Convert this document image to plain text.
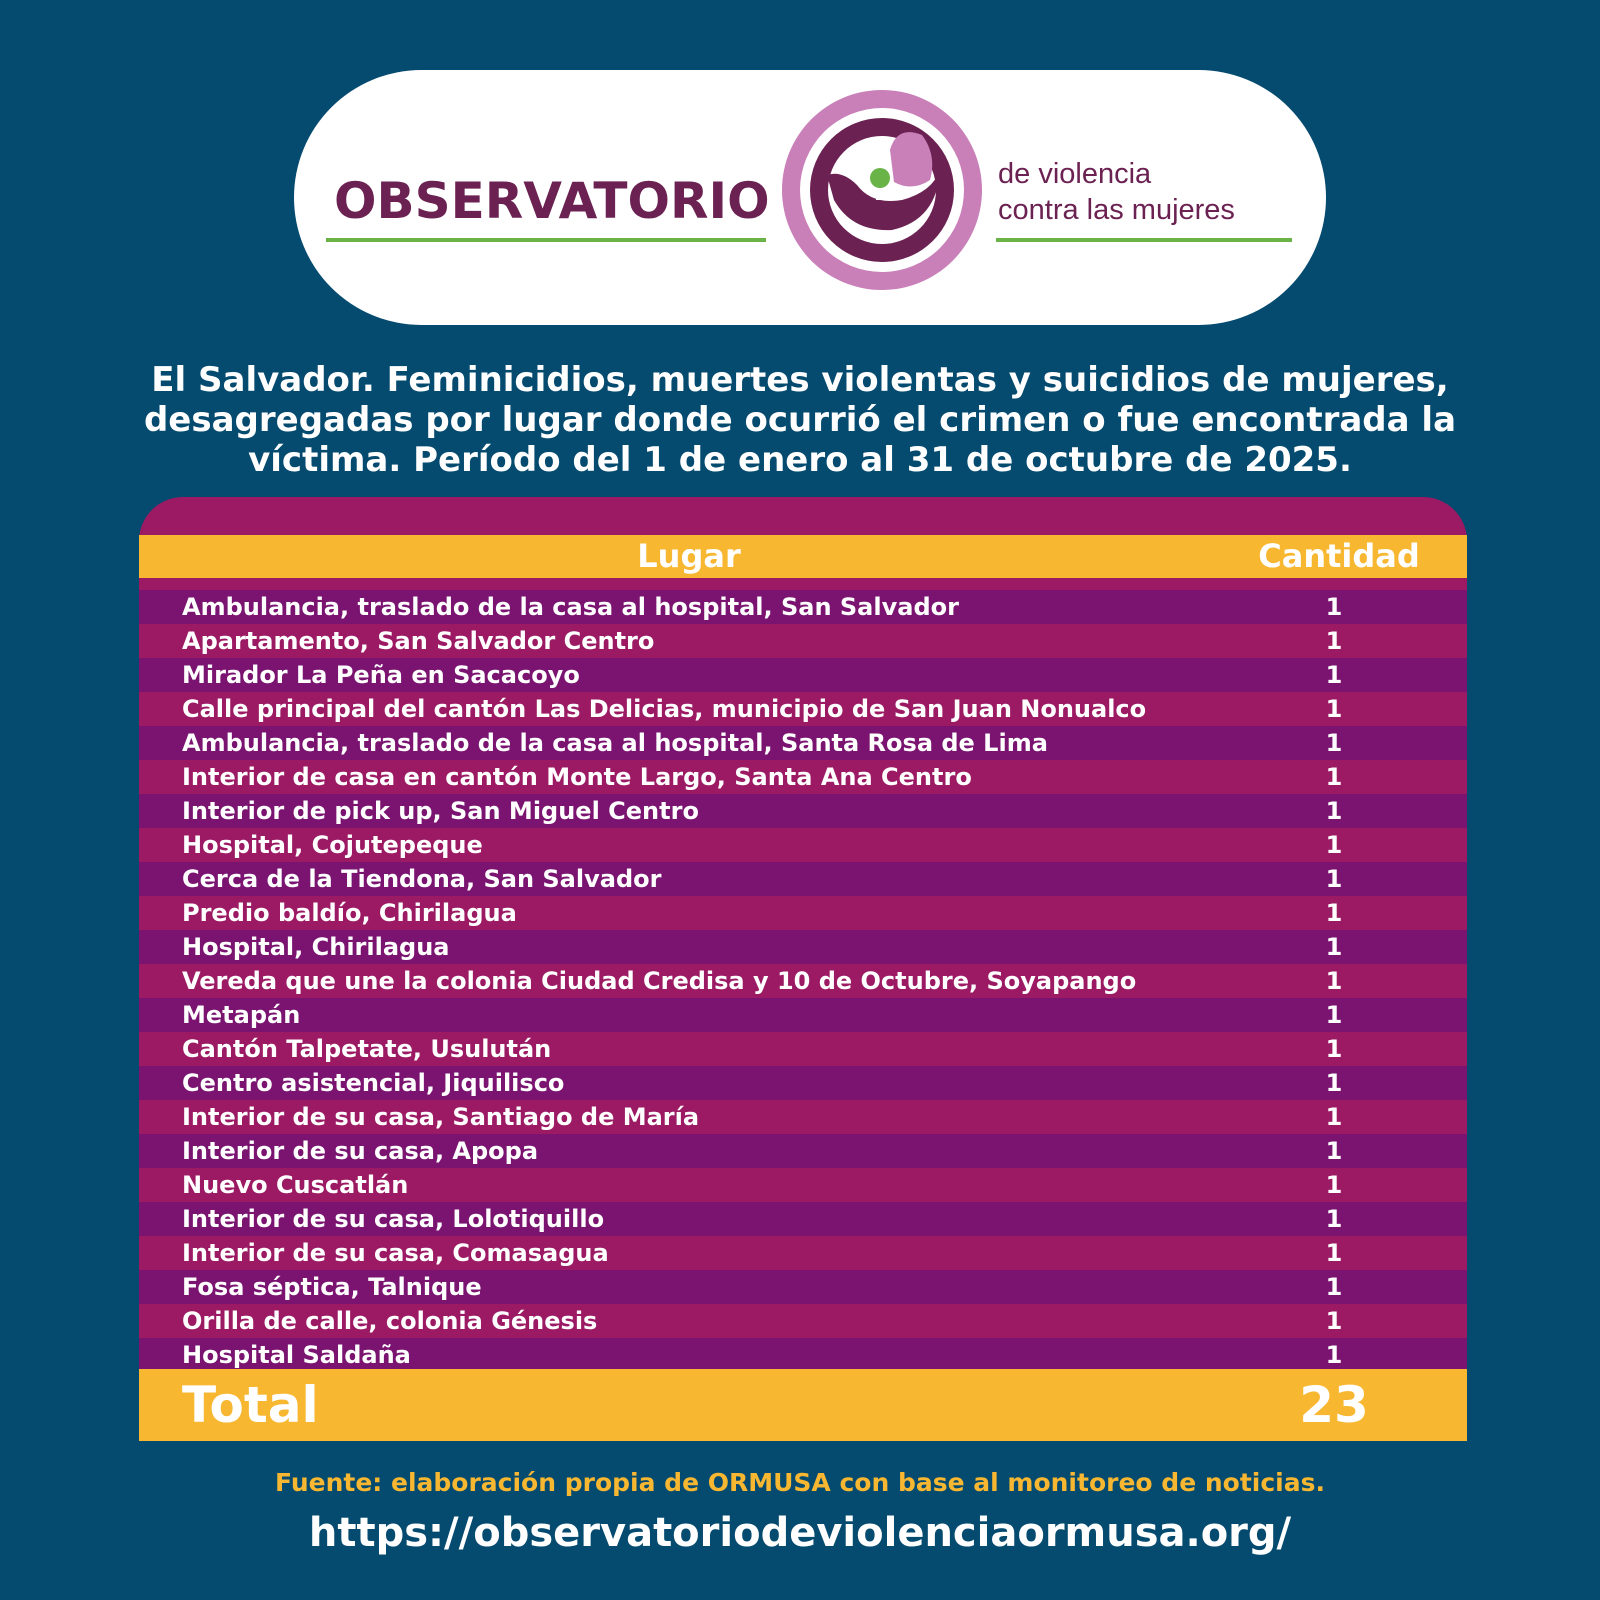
OBSERVATORIO	de violencia
contra las mujeres
El Salvador. Feminicidios, muertes violentas y suicidios de mujeres,
desagregadas por lugar donde ocurrió el crimen o fue encontrada la
víctima. Período del 1 de enero al 31 de octubre de 2025.
Lugar	Cantidad
Ambulancia, traslado de la casa al hospital, San Salvador	1
Apartamento, San Salvador Centro	1
Mirador La Peña en Sacacoyo	1
Calle principal del cantón Las Delicias, municipio de San Juan Nonualco	1
Ambulancia, traslado de la casa al hospital, Santa Rosa de Lima	1
Interior de casa en cantón Monte Largo, Santa Ana Centro	1
Interior de pick up, San Miguel Centro	1
Hospital, Cojutepeque	1
Cerca de la Tiendona, San Salvador	1
Predio baldío, Chirilagua	1
Hospital, Chirilagua	1
Vereda que une la colonia Ciudad Credisa y 10 de Octubre, Soyapango	1
Metapán	1
Cantón Talpetate, Usulután	1
Centro asistencial, Jiquilisco	1
Interior de su casa, Santiago de María	1
Interior de su casa, Apopa	1
Nuevo Cuscatlán	1
Interior de su casa, Lolotiquillo	1
Interior de su casa, Comasagua	1
Fosa séptica, Talnique	1
Orilla de calle, colonia Génesis	1
Hospital Saldaña	1
Total	23
Fuente: elaboración propia de ORMUSA con base al monitoreo de noticias.
https://observatoriodeviolenciaormusa.org/
